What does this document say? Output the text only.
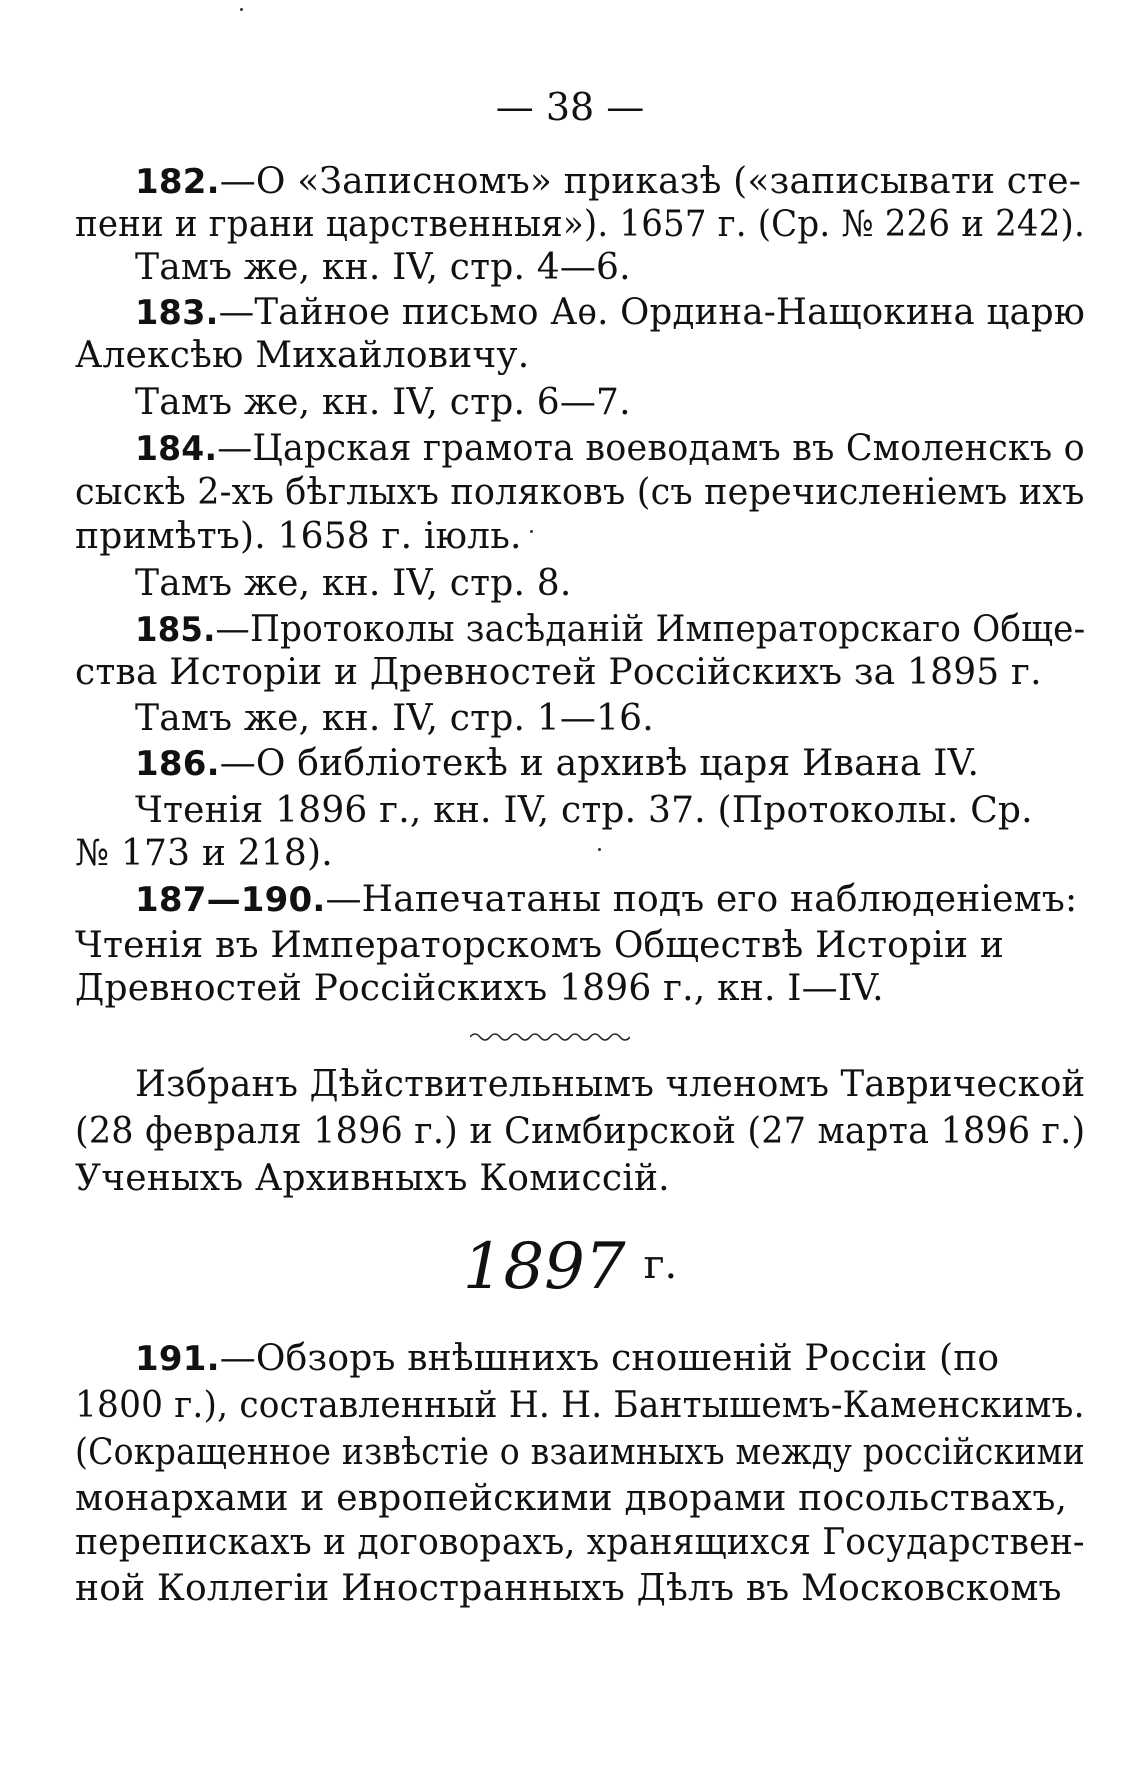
— 38 —
182.—О «Записномъ» приказѣ («записывати сте-
пени и грани царственныя»). 1657 г. (Ср. № 226 и 242).
Тамъ же, кн. IV, стр. 4—6.
183.—Тайное письмо Аѳ. Ордина-Нащокина царю
Алексѣю Михайловичу.
Тамъ же, кн. IV, стр. 6—7.
184.—Царская грамота воеводамъ въ Смоленскъ о
сыскѣ 2-хъ бѣглыхъ поляковъ (съ перечисленіемъ ихъ
примѣтъ). 1658 г. іюль.
Тамъ же, кн. IV, стр. 8.
185.—Протоколы засѣданій Императорскаго Обще-
ства Исторіи и Древностей Россійскихъ за 1895 г.
Тамъ же, кн. IV, стр. 1—16.
186.—О библіотекѣ и архивѣ царя Ивана IV.
Чтенія 1896 г., кн. IV, стр. 37. (Протоколы. Ср.
№ 173 и 218).
187—190.—Напечатаны подъ его наблюденіемъ:
Чтенія въ Императорскомъ Обществѣ Исторіи и
Древностей Россійскихъ 1896 г., кн. I—IV.
Избранъ Дѣйствительнымъ членомъ Таврической
(28 февраля 1896 г.) и Симбирской (27 марта 1896 г.)
Ученыхъ Архивныхъ Комиссій.
1897 г.
191.—Обзоръ внѣшнихъ сношеній Россіи (по
1800 г.), составленный Н. Н. Бантышемъ-Каменскимъ.
(Сокращенное извѣстіе о взаимныхъ между россійскими
монархами и европейскими дворами посольствахъ,
перепискахъ и договорахъ, хранящихся Государствен-
ной Коллегіи Иностранныхъ Дѣлъ въ Московскомъ
